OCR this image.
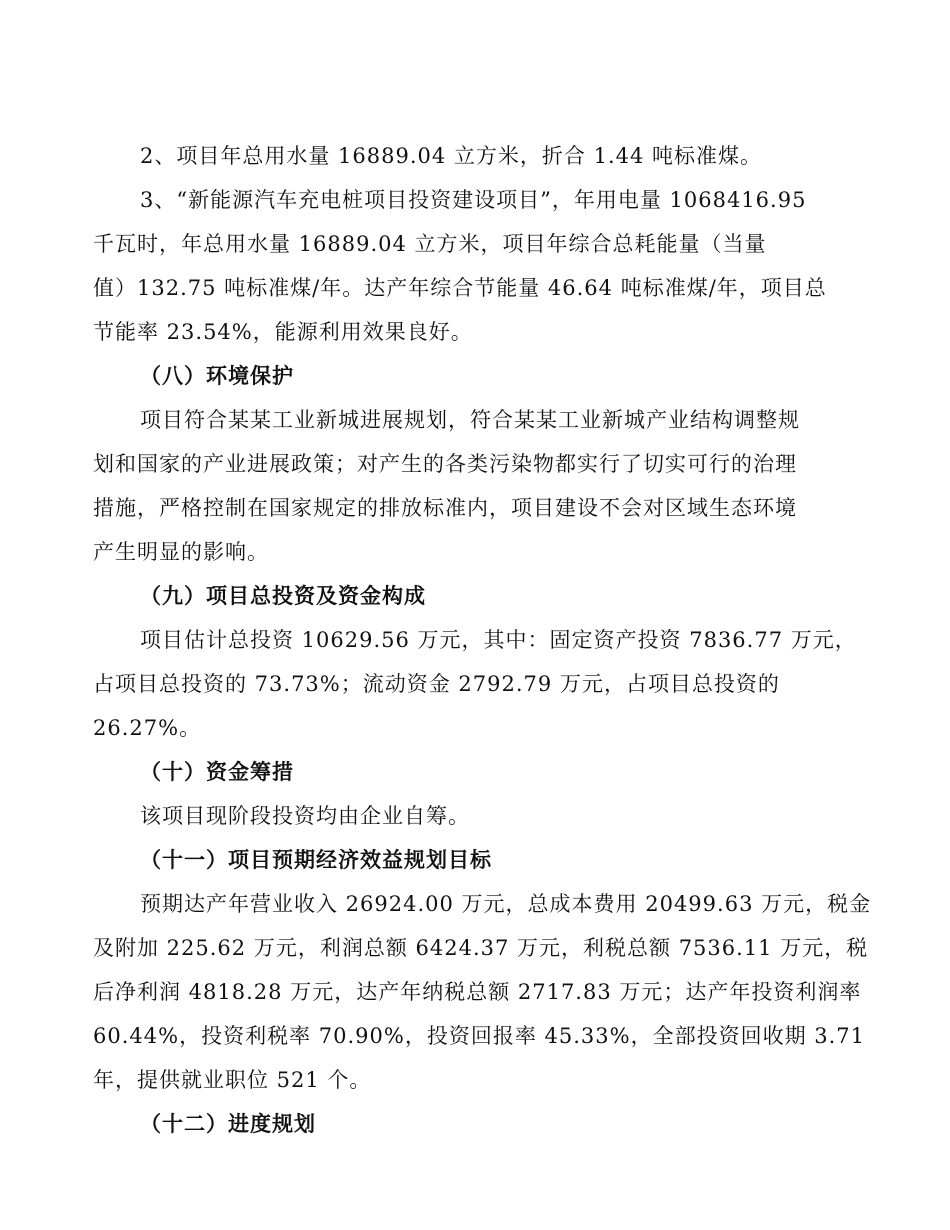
2、项目年总用水量 16889.04 立方米，折合 1.44 吨标准煤。
3、“新能源汽车充电桩项目投资建设项目”，年用电量 1068416.95
千瓦时，年总用水量 16889.04 立方米，项目年综合总耗能量（当量
值）132.75 吨标准煤/年。达产年综合节能量 46.64 吨标准煤/年，项目总
节能率 23.54%，能源利用效果良好。
（八）环境保护
项目符合某某工业新城进展规划，符合某某工业新城产业结构调整规
划和国家的产业进展政策；对产生的各类污染物都实行了切实可行的治理
措施，严格控制在国家规定的排放标准内，项目建设不会对区域生态环境
产生明显的影响。
（九）项目总投资及资金构成
项目估计总投资 10629.56 万元，其中：固定资产投资 7836.77 万元，
占项目总投资的 73.73%；流动资金 2792.79 万元，占项目总投资的
26.27%。
（十）资金筹措
该项目现阶段投资均由企业自筹。
（十一）项目预期经济效益规划目标
预期达产年营业收入 26924.00 万元，总成本费用 20499.63 万元，税金
及附加 225.62 万元，利润总额 6424.37 万元，利税总额 7536.11 万元，税
后净利润 4818.28 万元，达产年纳税总额 2717.83 万元；达产年投资利润率
60.44%，投资利税率 70.90%，投资回报率 45.33%，全部投资回收期 3.71
年，提供就业职位 521 个。
（十二）进度规划
